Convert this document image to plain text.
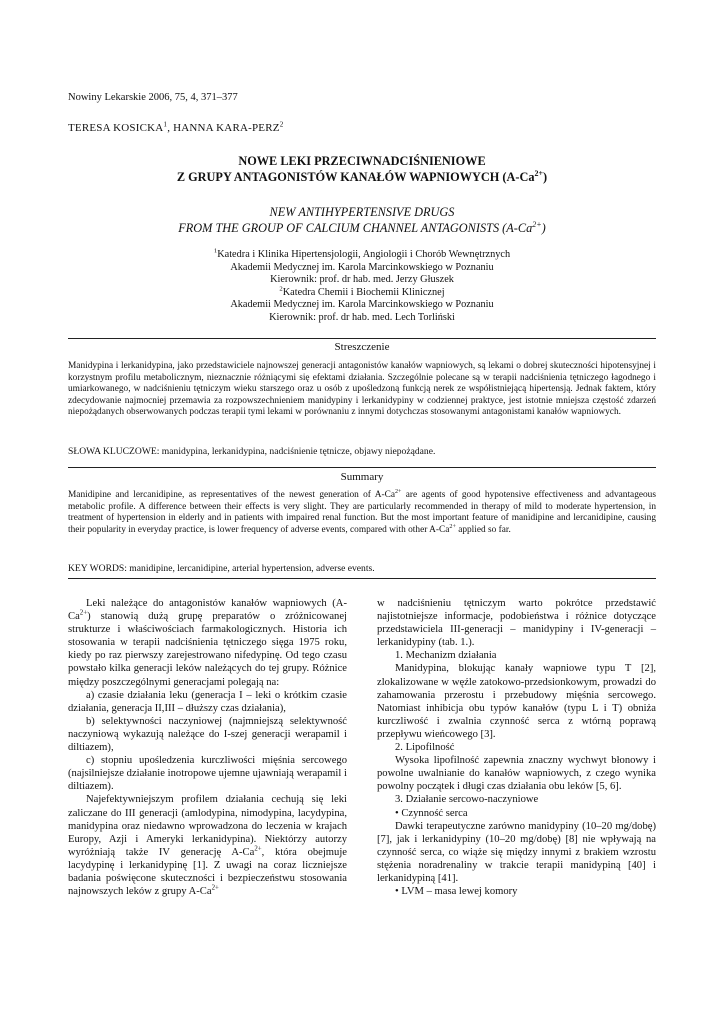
Nowiny Lekarskie 2006, 75, 4, 371–377
TERESA KOSICKA$^1$, HANNA KARA-PERZ$^2$
NOWE LEKI PRZECIWNADCIŚNIENIOWE
Z GRUPY ANTAGONISTÓW KANAŁÓW WAPNIOWYCH $(A-Ca^{2+})$
NEW ANTIHYPERTENSIVE DRUGS
FROM THE GROUP OF CALCIUM CHANNEL ANTAGONISTS $(A-Ca^{2+})$
$^1$Katedra i Klinika Hipertensjologii, Angiologii i Chorób Wewnętrznych
Akademii Medycznej im. Karola Marcinkowskiego w Poznaniu
Kierownik: prof. dr hab. med. Jerzy Głuszek
$^2$Katedra Chemii i Biochemii Klinicznej
Akademii Medycznej im. Karola Marcinkowskiego w Poznaniu
Kierownik: prof. dr hab. med. Lech Torliński
Streszczenie

Manidypina i lerkanidypina, jako przedstawiciele najnowszej generacji antagonistów kanałów wapniowych, są lekami o dobrej skuteczności hipotensyjnej i korzystnym profilu metabolicznym, nieznacznie różniącymi się efektami działania. Szczególnie polecane są w terapii nadciśnienia tętniczego łagodnego i umiarkowanego, w nadciśnieniu tętniczym wieku starszego oraz u osób z upośledzoną funkcją nerek ze współistniejącą hipertensją. Jednak faktem, który zdecydowanie najmocniej przemawia za rozpowszechnieniem manidypiny i lerkanidypiny w codziennej praktyce, jest istotnie mniejsza częstość zdarzeń niepożądanych obserwowanych podczas terapii tymi lekami w porównaniu z innymi dotychczas stosowanymi antagonistami kanałów wapniowych.

SŁOWA KLUCZOWE: manidypina, lerkanidypina, nadciśnienie tętnicze, objawy niepożądane.
Summary

Manidipine and lercanidipine, as representatives of the newest generation of $A-Ca^{2+}$ are agents of good hypotensive effectiveness and advantageous metabolic profile. A difference between their effects is very slight. They are particularly recommended in therapy of mild to moderate hypertension, in treatment of hypertension in elderly and in patients with impaired renal function. But the most important feature of manidipine and lercanidipine, causing their popularity in everyday practice, is lower frequency of adverse events, compared with other $A-Ca^{2+}$ applied so far.

KEY WORDS: manidipine, lercanidipine, arterial hypertension, adverse events.

Leki należące do antagonistów kanałów wapniowych $(A-Ca^{2+})$ stanowią dużą grupę preparatów o zróżnicowanej strukturze i właściwościach farmakologicznych. Historia ich stosowania w terapii nadciśnienia tętniczego sięga 1975 roku, kiedy po raz pierwszy zarejestrowano nifedypinę. Od tego czasu powstało kilka generacji leków należących do tej grupy. Różnice między poszczególnymi generacjami polegają na:

a) czasie działania leku (generacja I – leki o krótkim czasie działania, generacja II,III – dłuższy czas działania),

b) selektywności naczyniowej (najmniejszą selektywność naczyniową wykazują należące do I-szej generacji werapamil i diltiazem),

c) stopniu upośledzenia kurczliwości mięśnia sercowego (najsilniejsze działanie inotropowe ujemne ujawniają werapamil i diltiazem).

Najefektywniejszym profilem działania cechują się leki zaliczane do III generacji (amlodypina, nimodypina, lacydypina, manidypina oraz niedawno wprowadzona do leczenia w krajach Europy, Azji i Ameryki lerkanidypina). Niektórzy autorzy wyróżniają także IV generację $A-Ca^{2+}$, która obejmuje lacydypinę i lerkanidypinę [1]. Z uwagi na coraz liczniejsze badania poświęcone skuteczności i bezpieczeństwu stosowania najnowszych leków z grupy $A-Ca^{2+}$

w nadciśnieniu tętniczym warto pokrótce przedstawić najistotniejsze informacje, podobieństwa i różnice dotyczące przedstawiciela III-generacji – manidypiny i IV-generacji – lerkanidypiny (tab. 1.).

1. Mechanizm działania

Manidypina, blokując kanały wapniowe typu T [2], zlokalizowane w węźle zatokowo-przedsionkowym, prowadzi do zahamowania przerostu i przebudowy mięśnia sercowego. Natomiast inhibicja obu typów kanałów (typu L i T) obniża kurczliwość i zwalnia czynność serca z wtórną poprawą przepływu wieńcowego [3].

2. Lipofilność

Wysoka lipofilność zapewnia znaczny wychwyt błonowy i powolne uwalnianie do kanałów wapniowych, z czego wynika powolny początek i długi czas działania obu leków [5, 6].

3. Działanie sercowo-naczyniowe

• Czynność serca

Dawki terapeutyczne zarówno manidypiny (10–20 mg/dobę) [7], jak i lerkanidypiny (10–20 mg/dobę) [8] nie wpływają na czynność serca, co wiąże się między innymi z brakiem wzrostu stężenia noradrenaliny w trakcie terapii manidypiną [40] i lerkanidypiną [41].

• LVM – masa lewej komory
